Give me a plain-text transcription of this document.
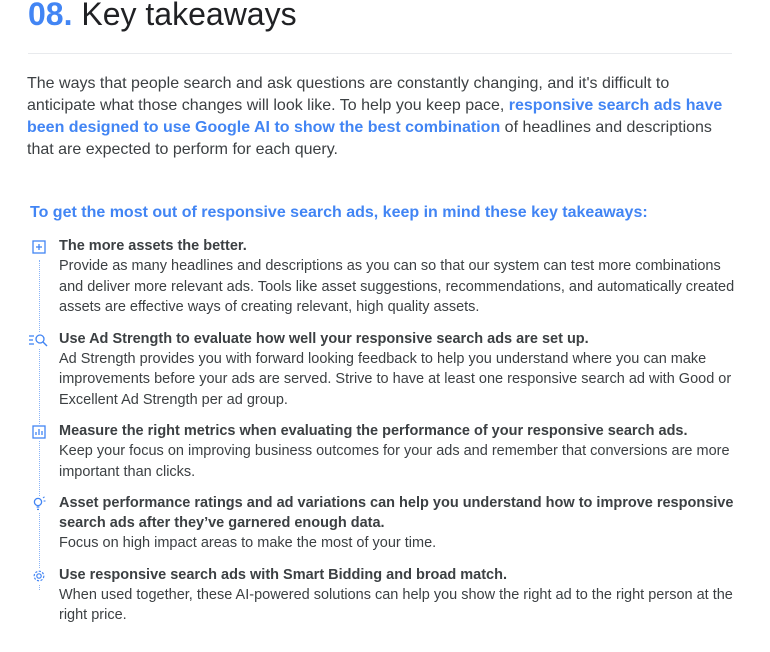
08. Key takeaways

The ways that people search and ask questions are constantly changing, and it's difficult to anticipate what those changes will look like. To help you keep pace, responsive search ads have been designed to use Google AI to show the best combination of headlines and descriptions that are expected to perform for each query.

To get the most out of responsive search ads, keep in mind these key takeaways:
The more assets the better.
Provide as many headlines and descriptions as you can so that our system can test more combinations and deliver more relevant ads. Tools like asset suggestions, recommendations, and automatically created assets are effective ways of creating relevant, high quality assets.
Use Ad Strength to evaluate how well your responsive search ads are set up.
Ad Strength provides you with forward looking feedback to help you understand where you can make improvements before your ads are served. Strive to have at least one responsive search ad with Good or Excellent Ad Strength per ad group.
Measure the right metrics when evaluating the performance of your responsive search ads.
Keep your focus on improving business outcomes for your ads and remember that conversions are more important than clicks.
Asset performance ratings and ad variations can help you understand how to improve responsive search ads after they’ve garnered enough data.
Focus on high impact areas to make the most of your time.
Use responsive search ads with Smart Bidding and broad match.
When used together, these AI-powered solutions can help you show the right ad to the right person at the right price.
